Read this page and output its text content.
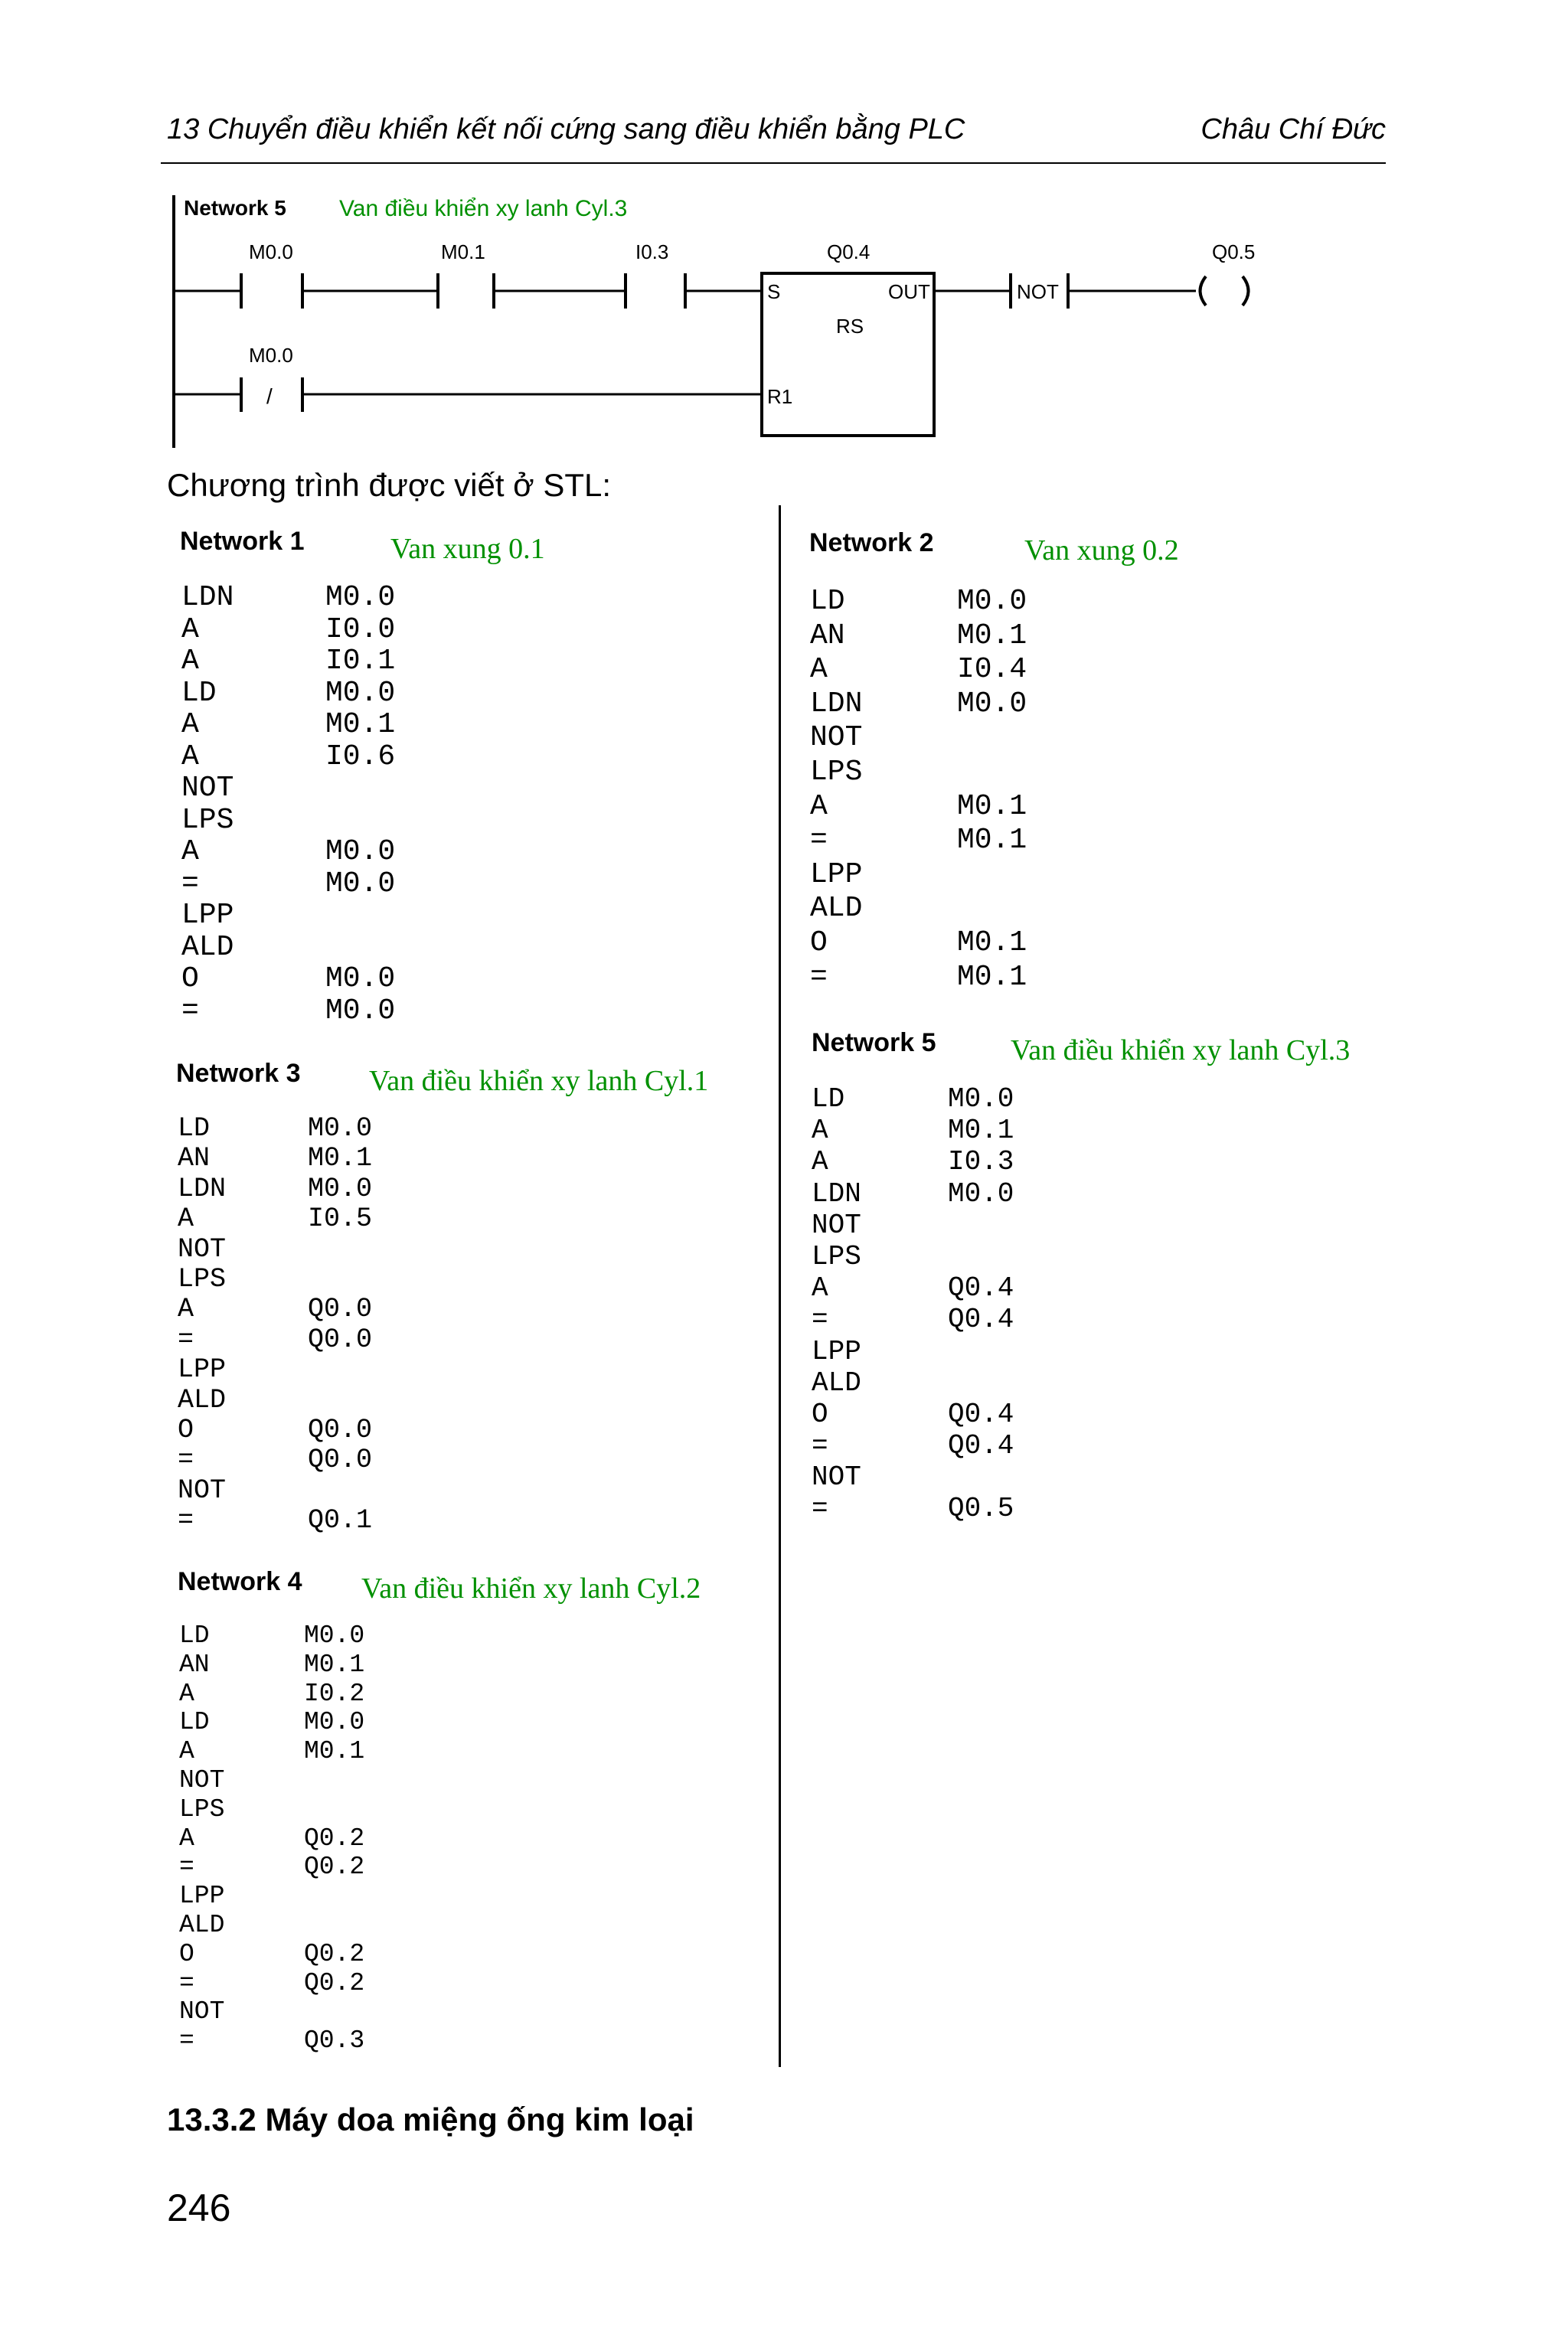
13 Chuyển điều khiển kết nối cứng sang điều khiển bằng PLC	Châu Chí Đức
Network 5 Van điều khiển xy lanh Cyl.3
M0.0	M0.1	I0.3	Q0.4
S	OUT
RS
R1
NOT
Q0.5
/
M0.0
Chương trình được viết ở STL:
Network 1	Van xung 0.1
LDN	M0.0
A	I0.0
A	I0.1
LD	M0.0
A	M0.1
A	I0.6
NOT
LPS
A	M0.0
=	M0.0
LPP
ALD
O	M0.0
=	M0.0
Network 3 Van điều khiển xy lanh Cyl.1
LD	M0.0
AN	M0.1
LDN	M0.0
A	I0.5
NOT
LPS
A	Q0.0
=	Q0.0
LPP
ALD
O	Q0.0
=	Q0.0
NOT
=	Q0.1
Network 4 Van điều khiển xy lanh Cyl.2
LD	M0.0
AN	M0.1
A	I0.2
LD	M0.0
A	M0.1
NOT
LPS
A	Q0.2
=	Q0.2
LPP
ALD
O	Q0.2
=	Q0.2
NOT
=	Q0.3
Network 2	Van xung 0.2
LD	M0.0
AN	M0.1
A	I0.4
LDN	M0.0
NOT
LPS
A	M0.1
=	M0.1
LPP
ALD
O	M0.1
=	M0.1
Network 5	Van điều khiển xy lanh Cyl.3
LD	M0.0
A	M0.1
A	I0.3
LDN	M0.0
NOT
LPS
A	Q0.4
=	Q0.4
LPP
ALD
O	Q0.4
=	Q0.4
NOT
=	Q0.5
13.3.2 Máy doa miệng ống kim loại
246
